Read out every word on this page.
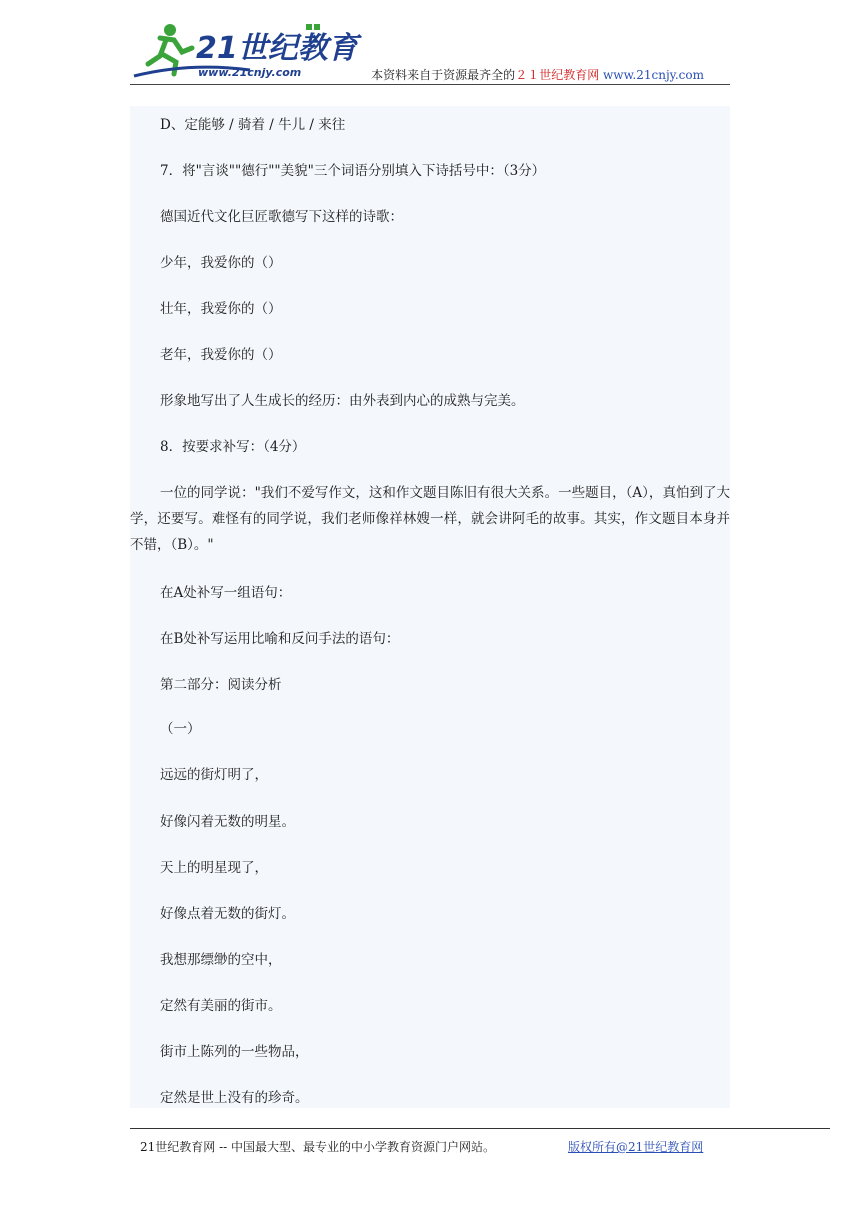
21世纪教育
www.21cnjy.com	本资料来自于资源最齐全的２１世纪教育网 www.21cnjy.com
D、定能够 / 骑着 / 牛儿 / 来往
7．将"言谈""德行""美貌"三个词语分别填入下诗括号中：（3分）
德国近代文化巨匠歌德写下这样的诗歌：
少年，我爱你的（）
壮年，我爱你的（）
老年，我爱你的（）
形象地写出了人生成长的经历：由外表到内心的成熟与完美。
8．按要求补写：（4分）
一位的同学说："我们不爱写作文，这和作文题目陈旧有很大关系。一些题目，（A），真怕到了大学，还要写。难怪有的同学说，我们老师像祥林嫂一样，就会讲阿毛的故事。其实，作文题目本身并不错，（B）。"
在A处补写一组语句：
在B处补写运用比喻和反问手法的语句：
第二部分：阅读分析
（一）
远远的街灯明了，
好像闪着无数的明星。
天上的明星现了，
好像点着无数的街灯。
我想那缥缈的空中，
定然有美丽的街市。
街市上陈列的一些物品，
定然是世上没有的珍奇。
21世纪教育网 -- 中国最大型、最专业的中小学教育资源门户网站。	版权所有@21世纪教育网
